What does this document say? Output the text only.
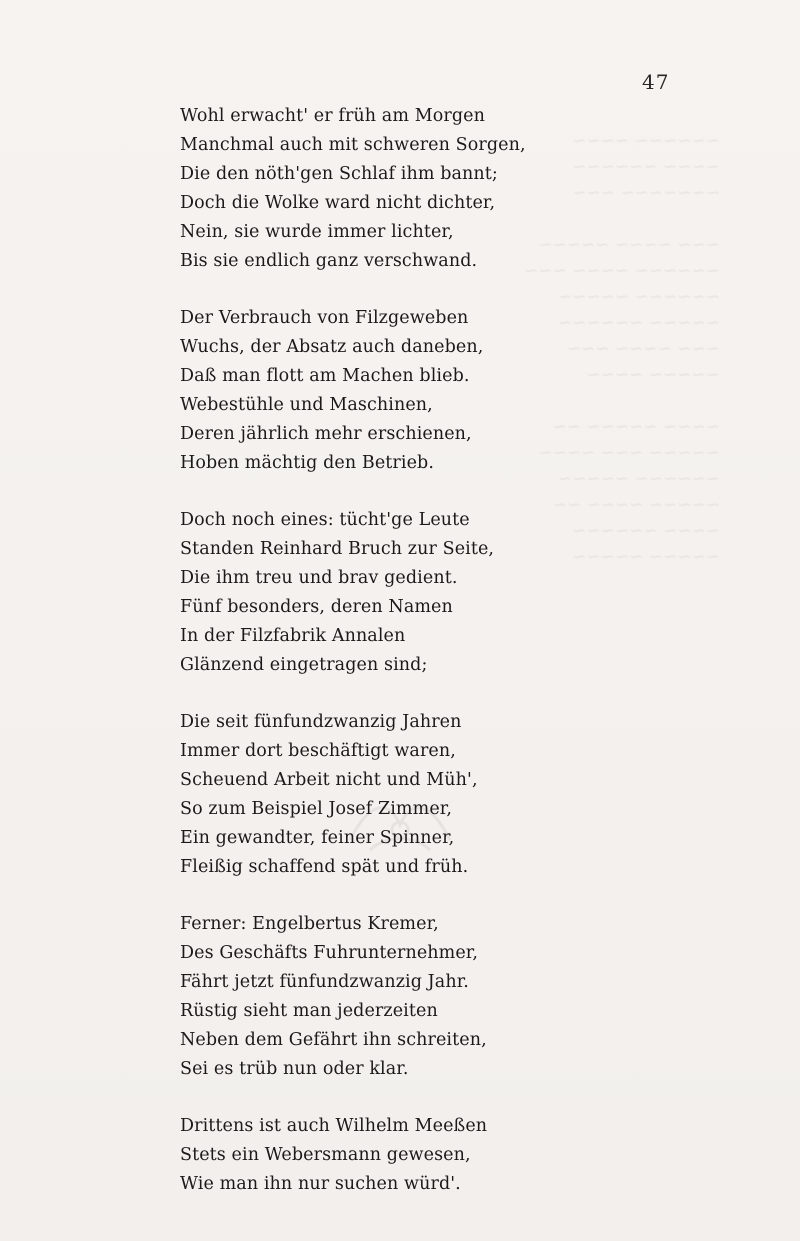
~~~~~~ ~~~~
~~~~ ~~~~~~
~~~~~~~ ~~~
~~~ ~~~~ ~~~~~
~~~~~~ ~~~~ ~~~
~~~~~~ ~~~~~
~~~~~ ~~~~~~
~~~ ~~~~ ~~~
~~~~~ ~~~~
~~~~ ~~~~~ ~~
~~~~~ ~~~ ~~~~
~~~~~~ ~~~~~
~~~~~ ~~~~ ~~
~~~~ ~~~~~~
~~~~~ ~~~~~
47
Wohl erwacht' er früh am Morgen
Manchmal auch mit schweren Sorgen,
Die den nöth'gen Schlaf ihm bannt;
Doch die Wolke ward nicht dichter,
Nein, sie wurde immer lichter,
Bis sie endlich ganz verschwand.
Der Verbrauch von Filzgeweben
Wuchs, der Absatz auch daneben,
Daß man flott am Machen blieb.
Webestühle und Maschinen,
Deren jährlich mehr erschienen,
Hoben mächtig den Betrieb.
Doch noch eines: tücht'ge Leute
Standen Reinhard Bruch zur Seite,
Die ihm treu und brav gedient.
Fünf besonders, deren Namen
In der Filzfabrik Annalen
Glänzend eingetragen sind;
Die seit fünfundzwanzig Jahren
Immer dort beschäftigt waren,
Scheuend Arbeit nicht und Müh',
So zum Beispiel Josef Zimmer,
Ein gewandter, feiner Spinner,
Fleißig schaffend spät und früh.
Ferner: Engelbertus Kremer,
Des Geschäfts Fuhrunternehmer,
Fährt jetzt fünfundzwanzig Jahr.
Rüstig sieht man jederzeiten
Neben dem Gefährt ihn schreiten,
Sei es trüb nun oder klar.
Drittens ist auch Wilhelm Meeßen
Stets ein Webersmann gewesen,
Wie man ihn nur suchen würd'.
